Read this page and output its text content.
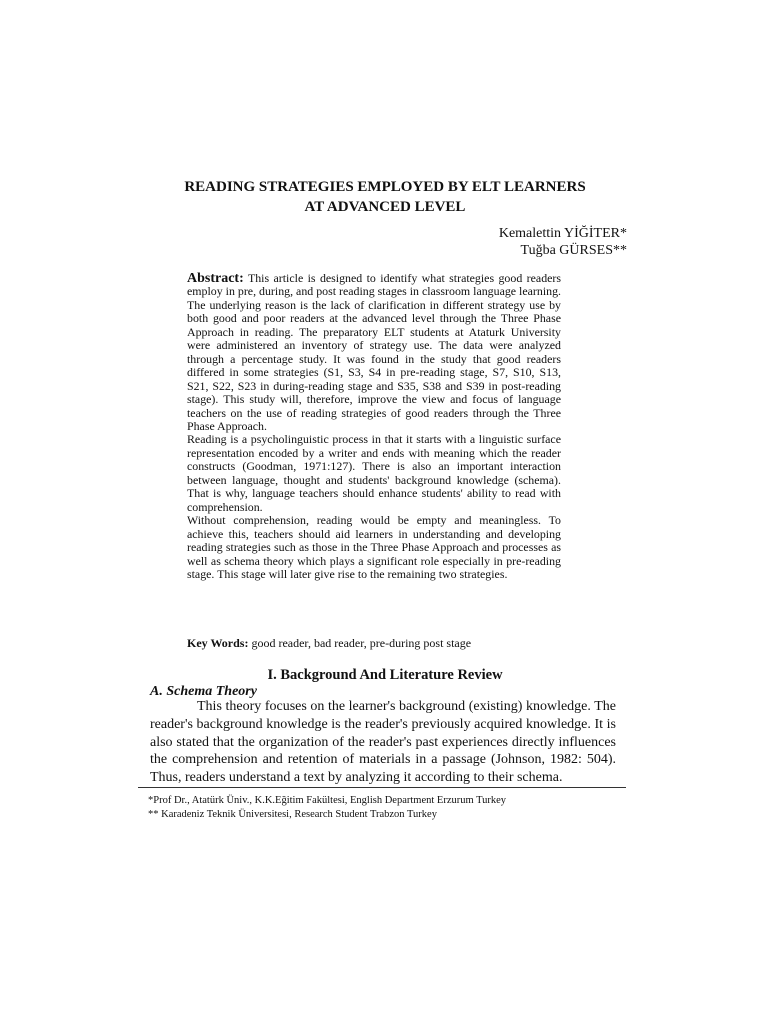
READING STRATEGIES EMPLOYED BY ELT LEARNERS
AT ADVANCED LEVEL
Kemalettin YİĞİTER*
Tuğba GÜRSES**

Abstract: This article is designed to identify what strategies good readers employ in pre, during, and post reading stages in classroom language learning. The underlying reason is the lack of clarification in different strategy use by both good and poor readers at the advanced level through the Three Phase Approach in reading. The preparatory ELT students at Ataturk University were administered an inventory of strategy use. The data were analyzed through a percentage study. It was found in the study that good readers differed in some strategies (S1, S3, S4 in pre-reading stage, S7, S10, S13, S21, S22, S23 in during-reading stage and S35, S38 and S39 in post-reading stage). This study will, therefore, improve the view and focus of language teachers on the use of reading strategies of good readers through the Three Phase Approach.

Reading is a psycholinguistic process in that it starts with a linguistic surface representation encoded by a writer and ends with meaning which the reader constructs (Goodman, 1971:127). There is also an important interaction between language, thought and students' background knowledge (schema). That is why, language teachers should enhance students' ability to read with comprehension.

Without comprehension, reading would be empty and meaningless. To achieve this, teachers should aid learners in understanding and developing reading strategies such as those in the Three Phase Approach and processes as well as schema theory which plays a significant role especially in pre-reading stage. This stage will later give rise to the remaining two strategies.

Key Words: good reader, bad reader, pre-during post stage
I. Background And Literature Review
A. Schema Theory

This theory focuses on the learner's background (existing) knowledge. The reader's background knowledge is the reader's previously acquired knowledge. It is also stated that the organization of the reader's past experiences directly influences the comprehension and retention of materials in a passage (Johnson, 1982: 504). Thus, readers understand a text by analyzing it according to their schema.

*Prof Dr., Atatürk Üniv., K.K.Eğitim Fakültesi, English Department Erzurum Turkey
** Karadeniz Teknik Üniversitesi, Research Student Trabzon Turkey
